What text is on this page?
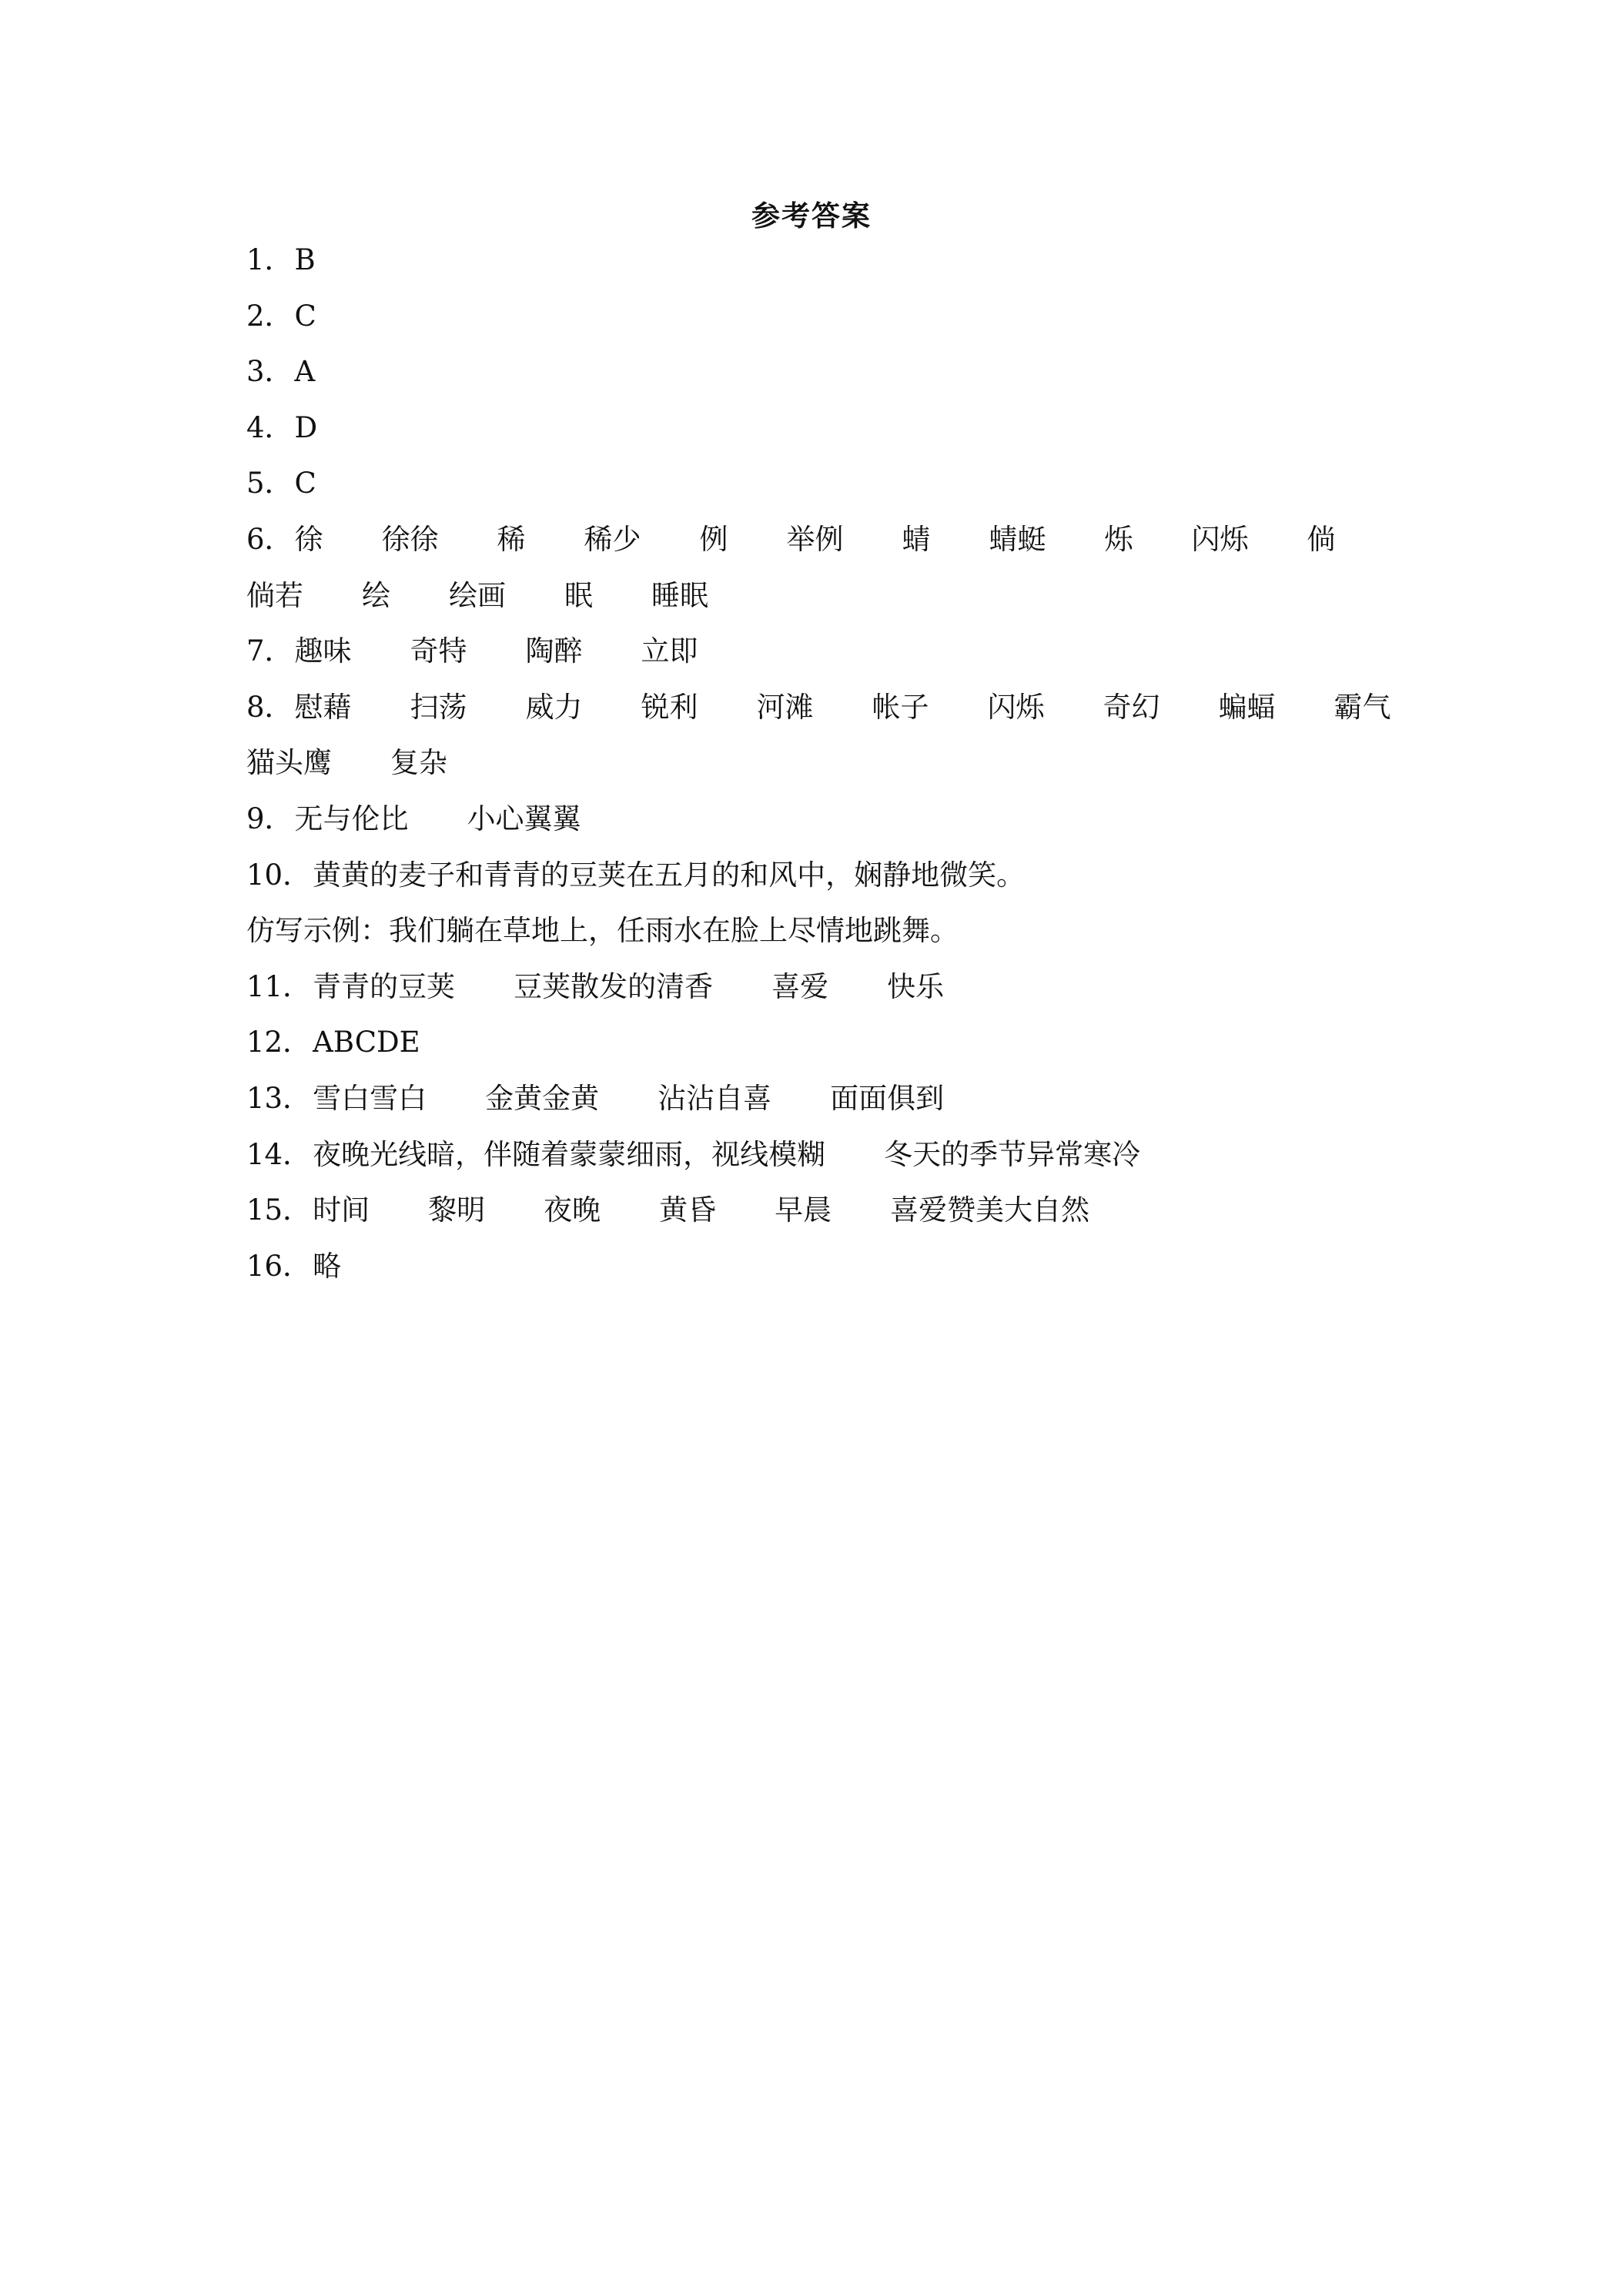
参考答案
1． B
2． C
3． A
4． D
5． C
6． 徐 徐徐 稀 稀少 例 举例 蜻 蜻蜓 烁 闪烁 倘
倘若 绘 绘画 眠 睡眠
7． 趣味 奇特 陶醉 立即
8． 慰藉 扫荡 威力 锐利 河滩 帐子 闪烁 奇幻 蝙蝠 霸气
猫头鹰 复杂
9． 无与伦比 小心翼翼
10． 黄黄的麦子和青青的豆荚在五月的和风中，娴静地微笑。
仿写示例：我们躺在草地上，任雨水在脸上尽情地跳舞。
11． 青青的豆荚 豆荚散发的清香 喜爱 快乐
12． ABCDE
13． 雪白雪白 金黄金黄 沾沾自喜 面面俱到
14． 夜晚光线暗，伴随着蒙蒙细雨，视线模糊 冬天的季节异常寒冷
15． 时间 黎明 夜晚 黄昏 早晨 喜爱赞美大自然
16． 略
